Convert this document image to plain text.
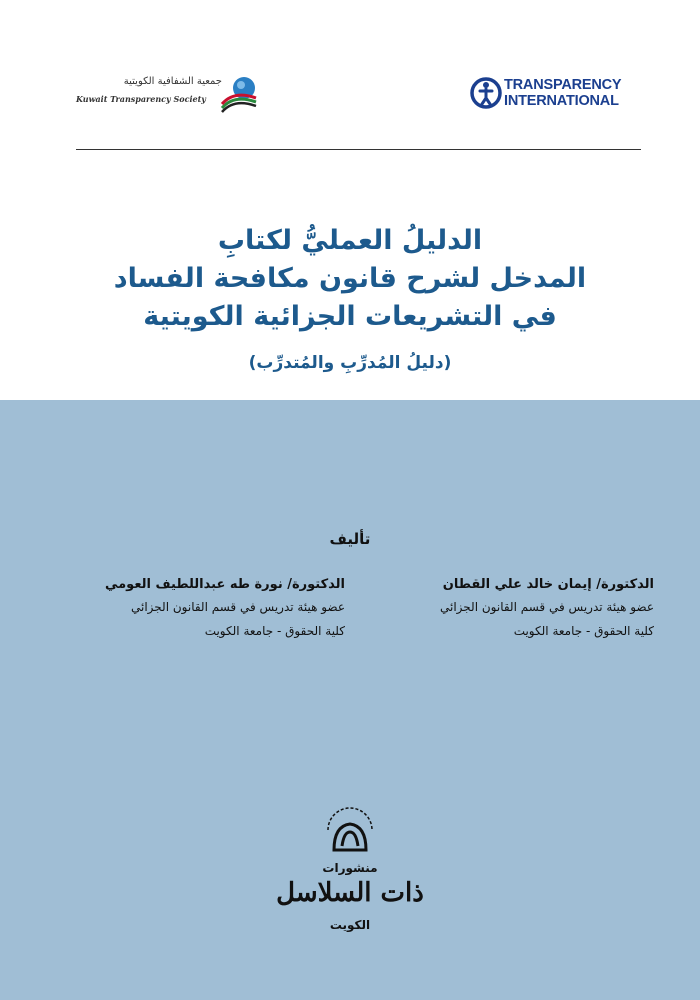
جمعية الشفافية الكويتية
Kuwait Transparency Society
TRANSPARENCY
INTERNATIONAL
الدليلُ العمليُّ لكتابِ
المدخل لشرح قانون مكافحة الفساد
في التشريعات الجزائية الكويتية
(دليلُ المُدرِّبِ والمُتدرِّب)
تأليف
الدكتورة/ إيمان خالد علي القطان
عضو هيئة تدريس في قسم القانون الجزائي
كلية الحقوق - جامعة الكويت
الدكتورة/ نورة طه عبداللطيف العومي
عضو هيئة تدريس في قسم القانون الجزائي
كلية الحقوق - جامعة الكويت
منشورات
ذات السلاسل
الكويت
